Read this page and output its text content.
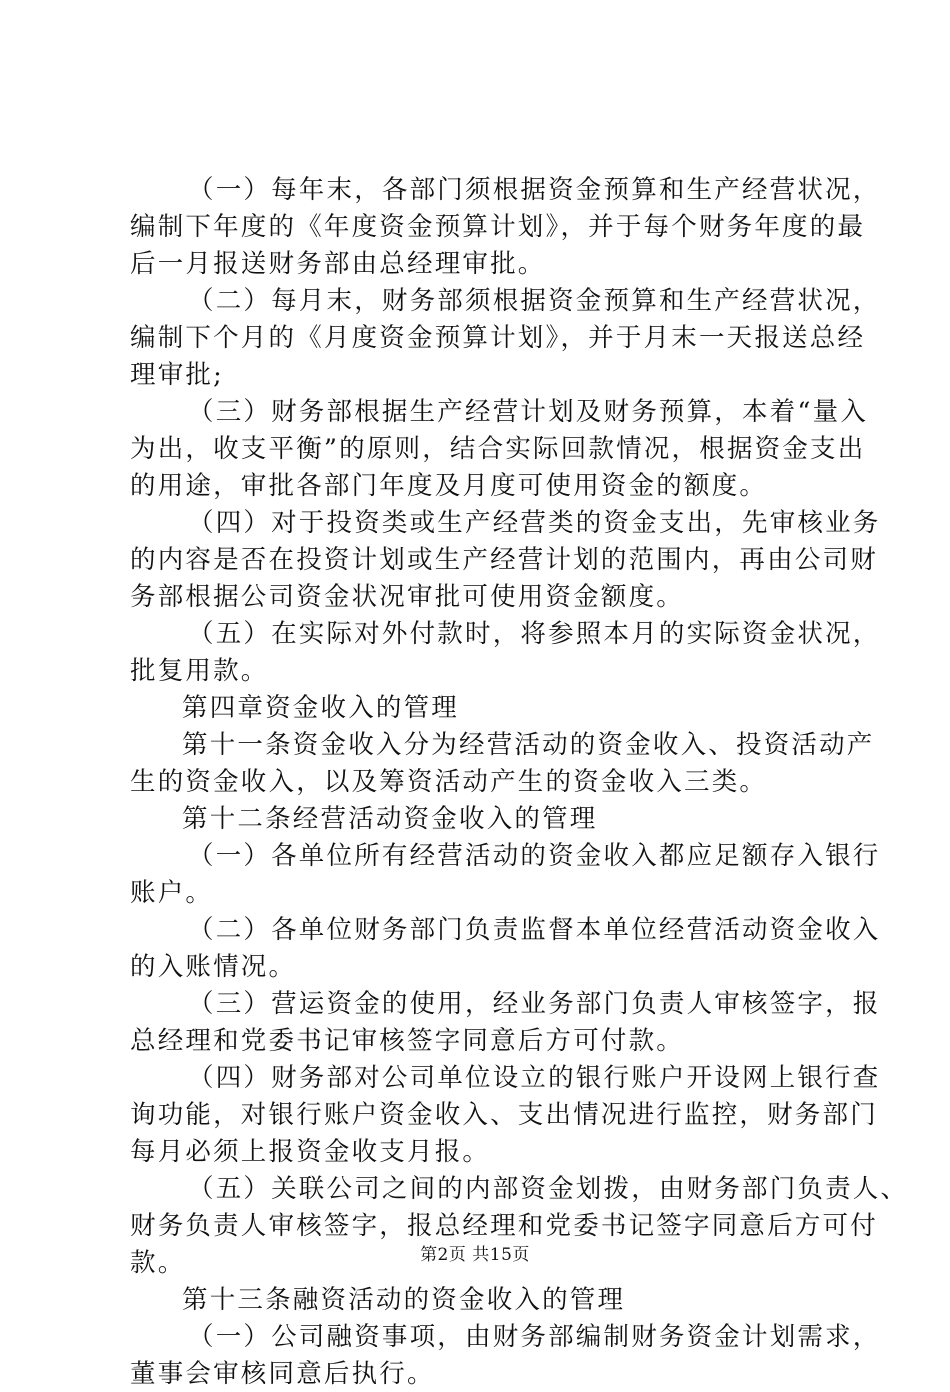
（一）每年末，各部门须根据资金预算和生产经营状况，
编制下年度的《年度资金预算计划》，并于每个财务年度的最
后一月报送财务部由总经理审批。
（二）每月末，财务部须根据资金预算和生产经营状况，
编制下个月的《月度资金预算计划》，并于月末一天报送总经
理审批;
（三）财务部根据生产经营计划及财务预算，本着“量入
为出，收支平衡”的原则，结合实际回款情况，根据资金支出
的用途，审批各部门年度及月度可使用资金的额度。
（四）对于投资类或生产经营类的资金支出，先审核业务
的内容是否在投资计划或生产经营计划的范围内，再由公司财
务部根据公司资金状况审批可使用资金额度。
（五）在实际对外付款时，将参照本月的实际资金状况，
批复用款。
第四章资金收入的管理
第十一条资金收入分为经营活动的资金收入、投资活动产
生的资金收入，以及筹资活动产生的资金收入三类。
第十二条经营活动资金收入的管理
（一）各单位所有经营活动的资金收入都应足额存入银行
账户。
（二）各单位财务部门负责监督本单位经营活动资金收入
的入账情况。
（三）营运资金的使用，经业务部门负责人审核签字，报
总经理和党委书记审核签字同意后方可付款。
（四）财务部对公司单位设立的银行账户开设网上银行查
询功能，对银行账户资金收入、支出情况进行监控，财务部门
每月必须上报资金收支月报。
（五）关联公司之间的内部资金划拨，由财务部门负责人、
财务负责人审核签字，报总经理和党委书记签字同意后方可付
款。
第十三条融资活动的资金收入的管理
（一）公司融资事项，由财务部编制财务资金计划需求，
董事会审核同意后执行。
第2页 共15页
